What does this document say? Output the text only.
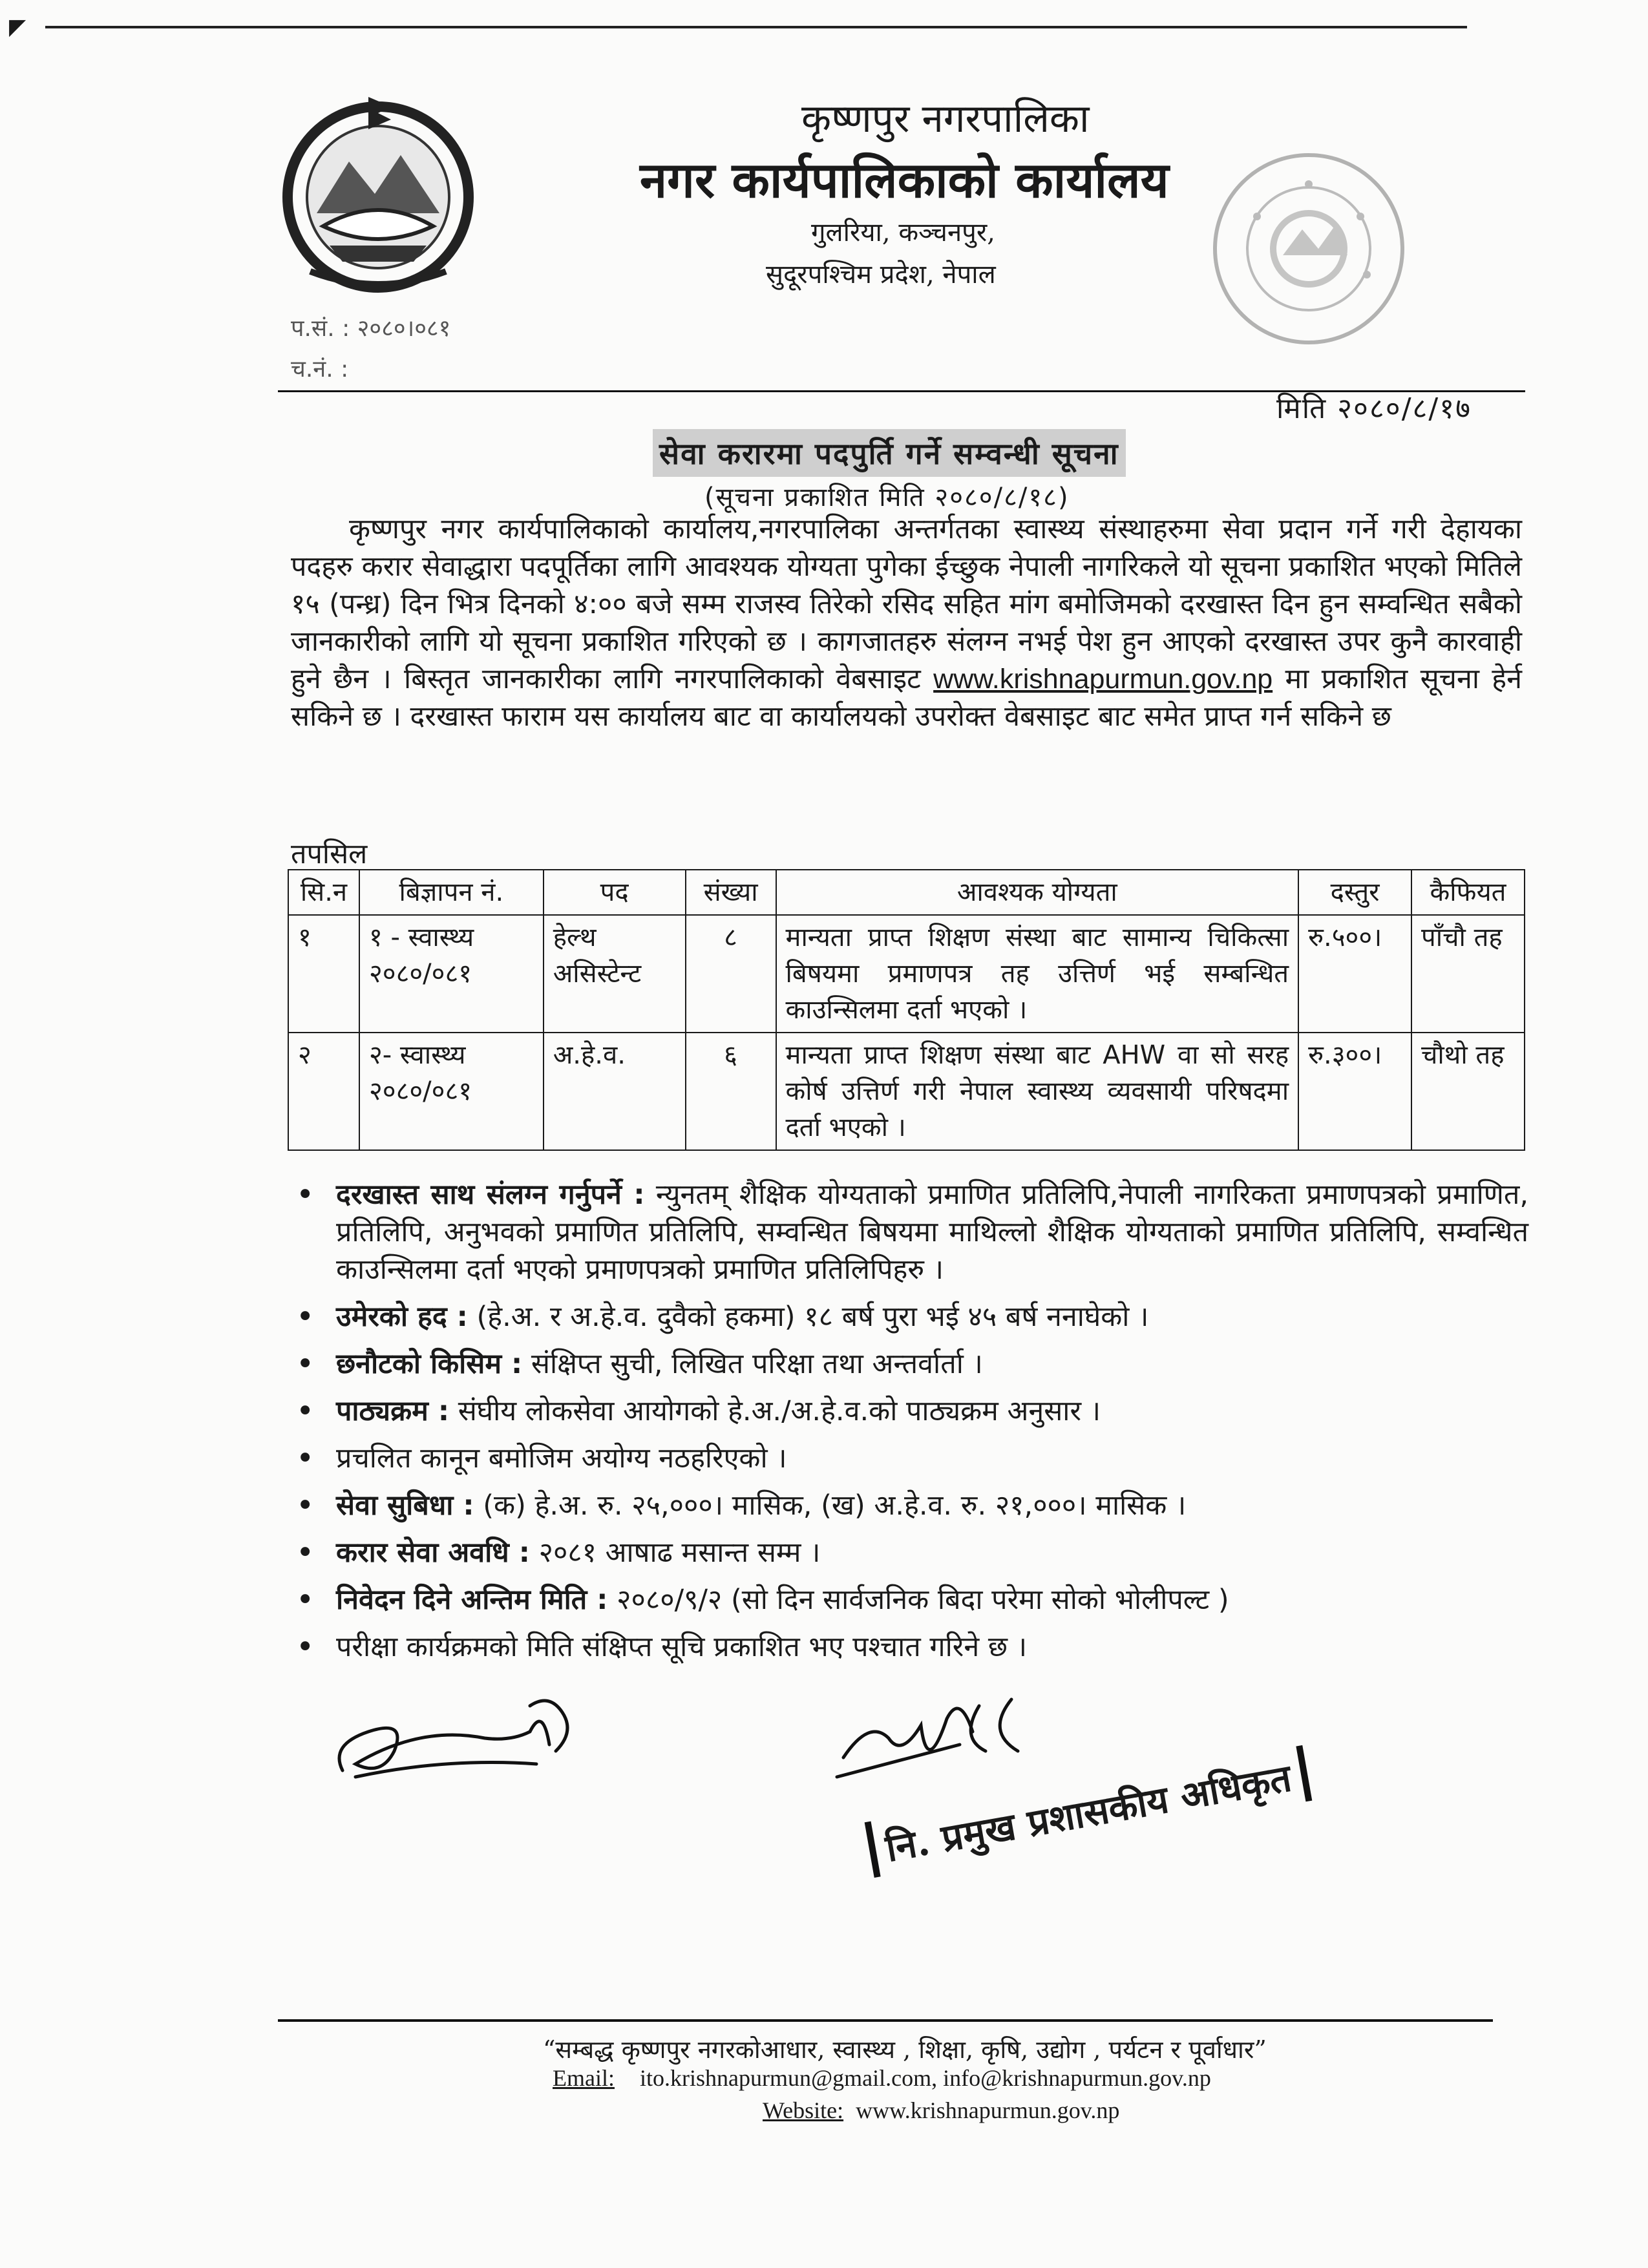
◤
कृष्णपुर नगरपालिका
नगर कार्यपालिकाको कार्यालय
गुलरिया, कञ्चनपुर,
सुदूरपश्चिम प्रदेश, नेपाल
प.सं. : २०८०।०८१
च.नं. :
मिति २०८०/८/१७
सेवा करारमा पदपुर्ति गर्ने सम्वन्धी सूचना
(सूचना प्रकाशित मिति २०८०/८/१८)
कृष्णपुर नगर कार्यपालिकाको कार्यालय,नगरपालिका अन्तर्गतका स्वास्थ्य संस्थाहरुमा सेवा प्रदान गर्ने गरी देहायका पदहरु करार सेवाद्धारा पदपूर्तिका लागि आवश्यक योग्यता पुगेका ईच्छुक नेपाली नागरिकले यो सूचना प्रकाशित भएको मितिले १५ (पन्ध्र) दिन भित्र दिनको ४:०० बजे सम्म राजस्व तिरेको रसिद सहित मांग बमोजिमको दरखास्त दिन हुन सम्वन्धित सबैको जानकारीको लागि यो सूचना प्रकाशित गरिएको छ । कागजातहरु संलग्न नभई पेश हुन आएको दरखास्त उपर कुनै कारवाही हुने छैन । बिस्तृत जानकारीका लागि नगरपालिकाको वेबसाइट www.krishnapurmun.gov.np मा प्रकाशित सूचना हेर्न सकिने छ । दरखास्त फाराम यस कार्यालय बाट वा कार्यालयको उपरोक्त वेबसाइट बाट समेत प्राप्त गर्न सकिने छ
तपसिल
सि.न	बिज्ञापन नं.	पद	संख्या	आवश्यक योग्यता	दस्तुर	कैफियत
१	१ - स्वास्थ्य २०८०/०८१	हेल्थ असिस्टेन्ट	८	मान्यता प्राप्त शिक्षण संस्था बाट सामान्य चिकित्सा बिषयमा प्रमाणपत्र तह उत्तिर्ण भई सम्बन्धित काउन्सिलमा दर्ता भएको ।	रु.५००।	पाँचौ तह
२	२- स्वास्थ्य २०८०/०८१	अ.हे.व.	६	मान्यता प्राप्त शिक्षण संस्था बाट AHW वा सो सरह कोर्ष उत्तिर्ण गरी नेपाल स्वास्थ्य व्यवसायी परिषदमा दर्ता भएको ।	रु.३००।	चौथो तह
• दरखास्त साथ संलग्न गर्नुपर्ने : न्युनतम् शैक्षिक योग्यताको प्रमाणित प्रतिलिपि,नेपाली नागरिकता प्रमाणपत्रको प्रमाणित, प्रतिलिपि, अनुभवको प्रमाणित प्रतिलिपि, सम्वन्धित बिषयमा माथिल्लो शैक्षिक योग्यताको प्रमाणित प्रतिलिपि, सम्वन्धित काउन्सिलमा दर्ता भएको प्रमाणपत्रको प्रमाणित प्रतिलिपिहरु ।
• उमेरको हद : (हे.अ. र अ.हे.व. दुवैको हकमा) १८ बर्ष पुरा भई ४५ बर्ष ननाघेको ।
• छनौटको किसिम : संक्षिप्त सुची, लिखित परिक्षा तथा अन्तर्वार्ता ।
• पाठ्यक्रम : संघीय लोकसेवा आयोगको हे.अ./अ.हे.व.को पाठ्यक्रम अनुसार ।
• प्रचलित कानून बमोजिम अयोग्य नठहरिएको ।
• सेवा सुबिधा : (क) हे.अ. रु. २५,०००। मासिक, (ख) अ.हे.व. रु. २१,०००। मासिक ।
• करार सेवा अवधि : २०८१ आषाढ मसान्त सम्म ।
• निवेदन दिने अन्तिम मिति : २०८०/९/२ (सो दिन सार्वजनिक बिदा परेमा सोको भोलीपल्ट )
• परीक्षा कार्यक्रमको मिति संक्षिप्त सूचि प्रकाशित भए पश्चात गरिने छ ।
नि. प्रमुख प्रशासकीय अधिकृत
“सम्बद्ध कृष्णपुर नगरकोआधार, स्वास्थ्य , शिक्षा, कृषि, उद्योग , पर्यटन र पूर्वाधार”
Email: ito.krishnapurmun@gmail.com, info@krishnapurmun.gov.np
Website: www.krishnapurmun.gov.np
